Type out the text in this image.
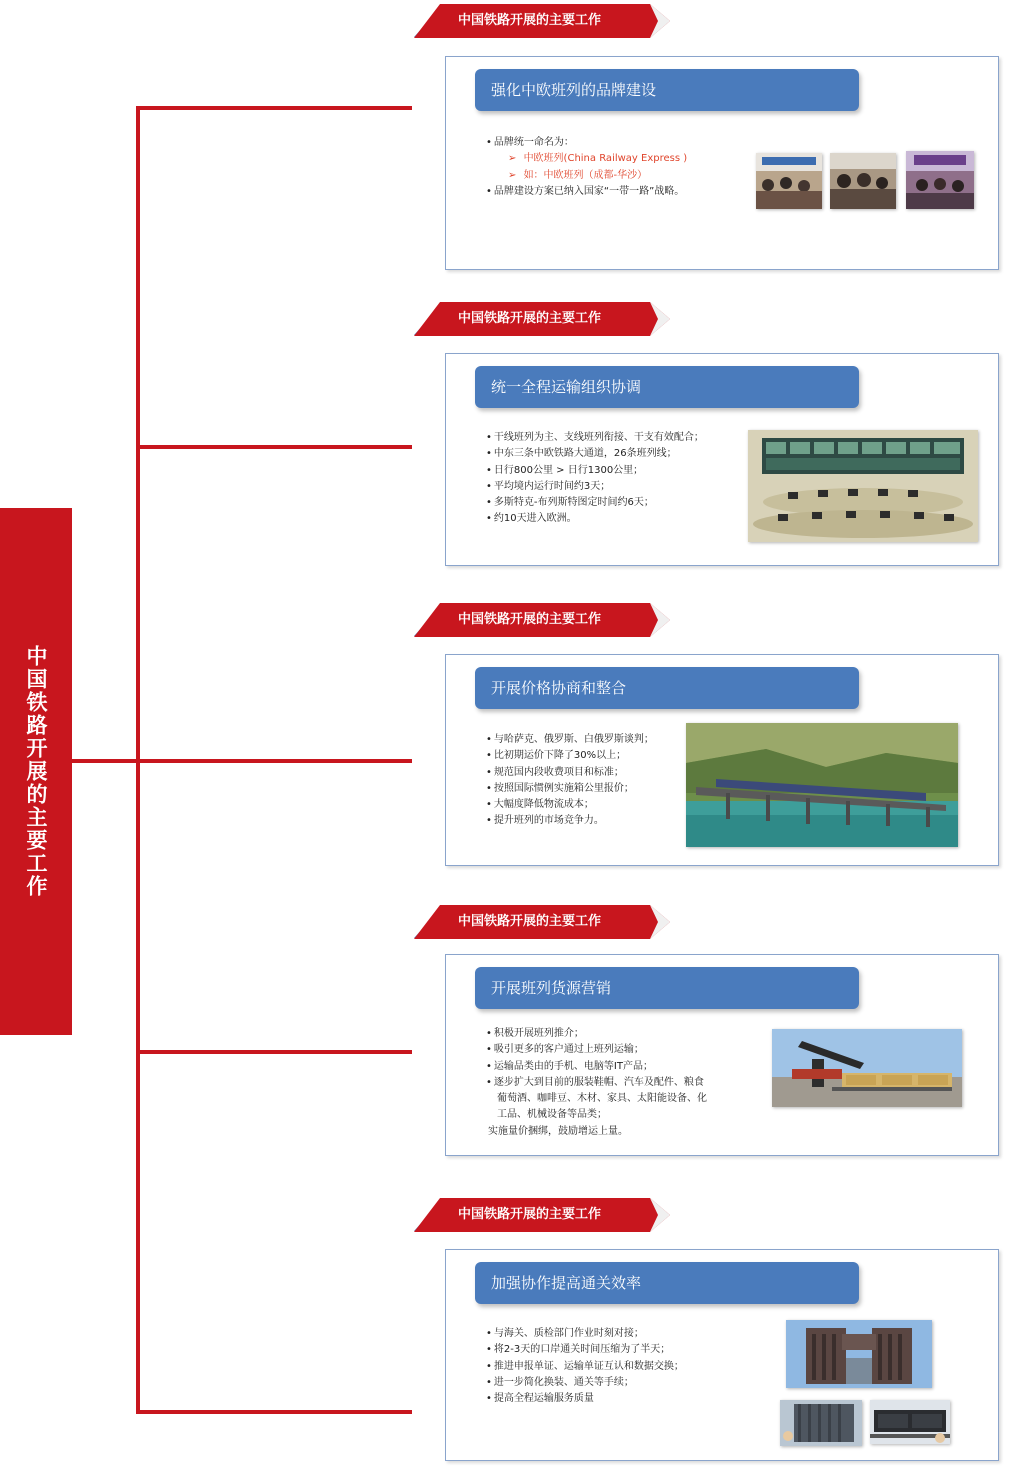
中国铁路开展的主要工作
中国铁路开展的主要工作
强化中欧班列的品牌建设
• 品牌统一命名为：
➢ 中欧班列(China Railway Express )
➢ 如：中欧班列（成都-华沙）
• 品牌建设方案已纳入国家“一带一路”战略。
中国铁路开展的主要工作
统一全程运输组织协调
• 干线班列为主、支线班列衔接、干支有效配合；
• 中东三条中欧铁路大通道，26条班列线；
• 日行800公里 > 日行1300公里；
• 平均境内运行时间约3天；
• 多斯特克-布列斯特图定时间约6天；
• 约10天进入欧洲。
中国铁路开展的主要工作
开展价格协商和整合
• 与哈萨克、俄罗斯、白俄罗斯谈判；
• 比初期运价下降了30%以上；
• 规范国内段收费项目和标准；
• 按照国际惯例实施箱公里报价；
• 大幅度降低物流成本；
• 提升班列的市场竞争力。
中国铁路开展的主要工作
开展班列货源营销
• 积极开展班列推介；
• 吸引更多的客户通过上班列运输；
• 运输品类由的手机、电脑等IT产品；
• 逐步扩大到目前的服装鞋帽、汽车及配件、粮食
葡萄酒、咖啡豆、木材、家具、太阳能设备、化
工品、机械设备等品类；
实施量价捆绑，鼓励增运上量。
中国铁路开展的主要工作
加强协作提高通关效率
• 与海关、质检部门作业时刻对接；
• 将2-3天的口岸通关时间压缩为了半天；
• 推进申报单证、运输单证互认和数据交换；
• 进一步简化换装、通关等手续；
• 提高全程运输服务质量
